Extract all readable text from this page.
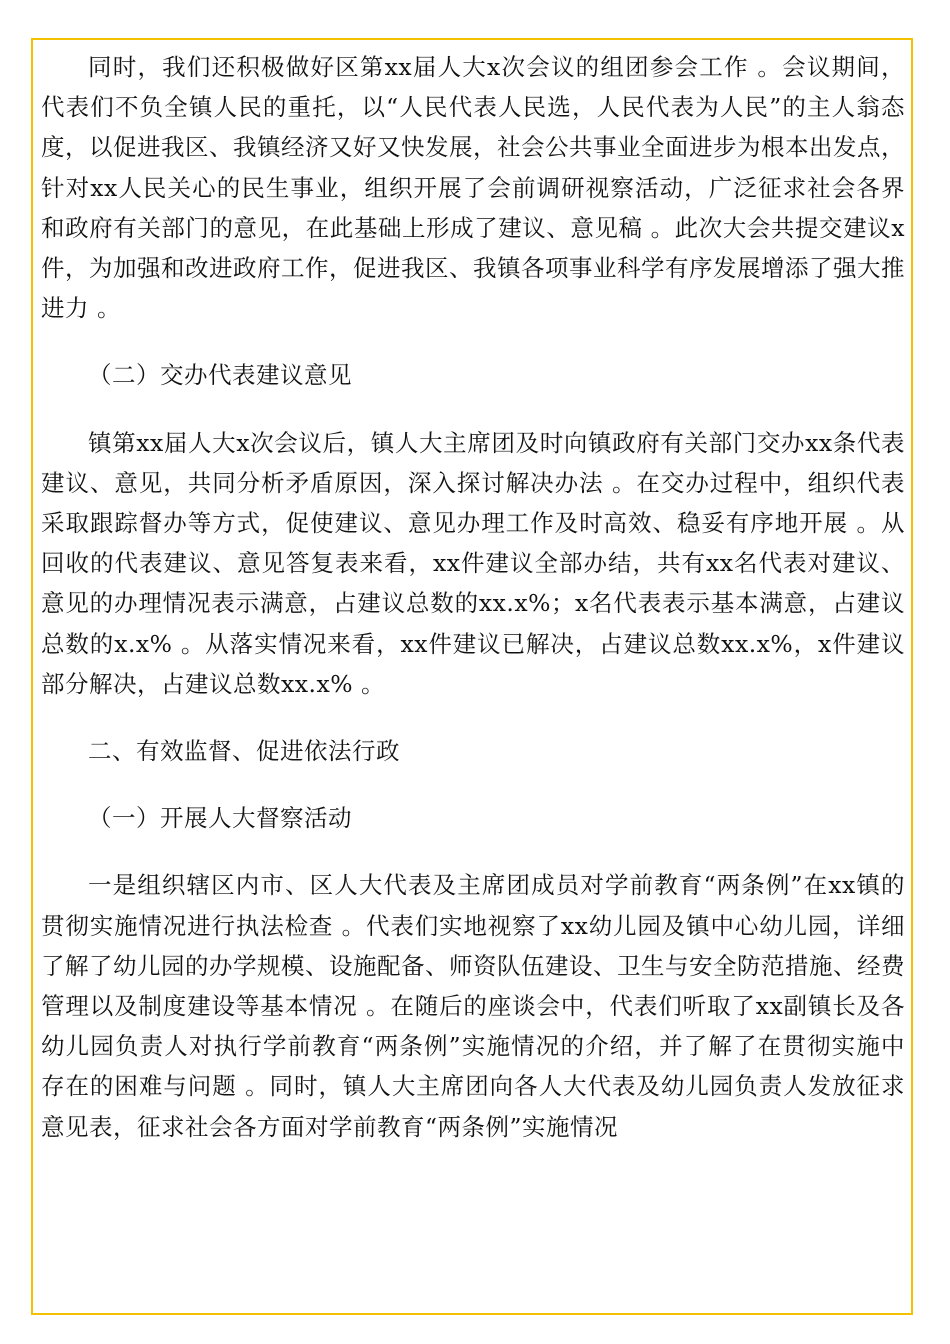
同时，我们还积极做好区第xx届人大x次会议的组团参会工作 。会议期间，代表们不负全镇人民的重托，以“人民代表人民选，人民代表为人民”的主人翁态度，以促进我区、我镇经济又好又快发展，社会公共事业全面进步为根本出发点，针对xx人民关心的民生事业，组织开展了会前调研视察活动，广泛征求社会各界和政府有关部门的意见，在此基础上形成了建议、意见稿 。此次大会共提交建议x件，为加强和改进政府工作，促进我区、我镇各项事业科学有序发展增添了强大推进力 。

（二）交办代表建议意见

镇第xx届人大x次会议后，镇人大主席团及时向镇政府有关部门交办xx条代表建议、意见，共同分析矛盾原因，深入探讨解决办法 。在交办过程中，组织代表采取跟踪督办等方式，促使建议、意见办理工作及时高效、稳妥有序地开展 。从回收的代表建议、意见答复表来看，xx件建议全部办结，共有xx名代表对建议、意见的办理情况表示满意，占建议总数的xx.x%；x名代表表示基本满意，占建议总数的x.x% 。从落实情况来看，xx件建议已解决，占建议总数xx.x%，x件建议部分解决，占建议总数xx.x% 。

二、有效监督、促进依法行政

（一）开展人大督察活动

一是组织辖区内市、区人大代表及主席团成员对学前教育“两条例”在xx镇的贯彻实施情况进行执法检查 。代表们实地视察了xx幼儿园及镇中心幼儿园，详细了解了幼儿园的办学规模、设施配备、师资队伍建设、卫生与安全防范措施、经费管理以及制度建设等基本情况 。在随后的座谈会中，代表们听取了xx副镇长及各幼儿园负责人对执行学前教育“两条例”实施情况的介绍，并了解了在贯彻实施中存在的困难与问题 。同时，镇人大主席团向各人大代表及幼儿园负责人发放征求意见表，征求社会各方面对学前教育“两条例”实施情况
